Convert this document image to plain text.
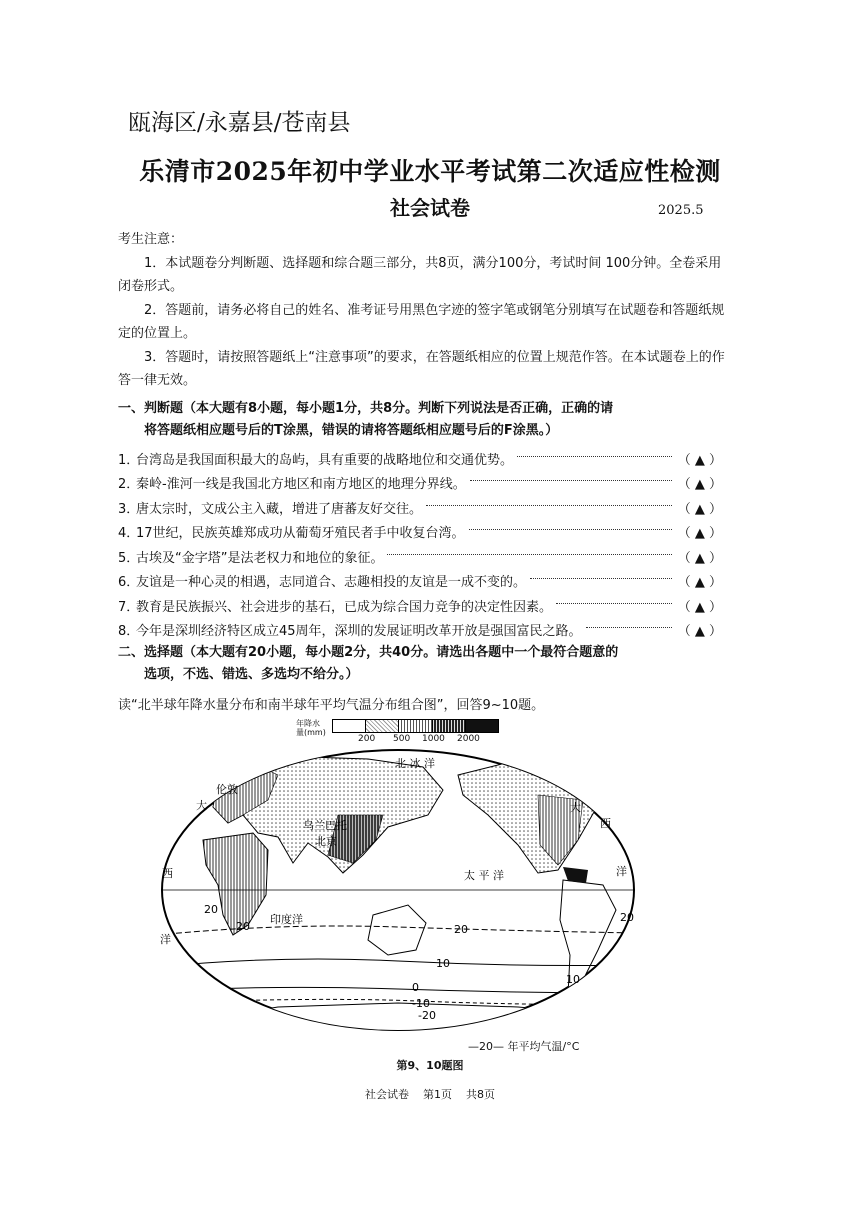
瓯海区/永嘉县/苍南县
乐清市2025年初中学业水平考试第二次适应性检测
社会试卷	2025.5

考生注意：

1．本试题卷分判断题、选择题和综合题三部分，共8页，满分100分，考试时间 100分钟。全卷采用闭卷形式。

2．答题前，请务必将自己的姓名、准考证号用黑色字迹的签字笔或钢笔分别填写在试题卷和答题纸规定的位置上。

3．答题时，请按照答题纸上“注意事项”的要求，在答题纸相应的位置上规范作答。在本试题卷上的作答一律无效。

一、判断题（本大题有8小题，每小题1分，共8分。判断下列说法是否正确，正确的请
将答题纸相应题号后的T涂黑，错误的请将答题纸相应题号后的F涂黑。）
1．
台湾岛是我国面积最大的岛屿，具有重要的战略地位和交通优势。	（ ▲ ）
2．
秦岭-淮河一线是我国北方地区和南方地区的地理分界线。	（ ▲ ）
3．
唐太宗时，文成公主入藏，增进了唐蕃友好交往。	（ ▲ ）
4．
17世纪，民族英雄郑成功从葡萄牙殖民者手中收复台湾。	（ ▲ ）
5．
古埃及“金字塔”是法老权力和地位的象征。	（ ▲ ）
6．
友谊是一种心灵的相遇，志同道合、志趣相投的友谊是一成不变的。	（ ▲ ）
7．
教育是民族振兴、社会进步的基石，已成为综合国力竞争的决定性因素。	（ ▲ ）
8．
今年是深圳经济特区成立45周年，深圳的发展证明改革开放是强国富民之路。	（ ▲ ）
二、选择题（本大题有20小题，每小题2分，共40分。请选出各题中一个最符合题意的
选项，不选、错选、多选均不给分。）
读“北半球年降水量分布和南半球年平均气温分布组合图”，回答9~10题。
年降水量(mm)
200 500 1000 2000
北 冰 洋
伦敦
乌兰巴托
北京
太 平 洋
印度洋
大
西
洋
大
西
洋
20
20	20
20
10
10
0
-10
-20
—20— 年平均气温/°C
第9、10题图
社会试卷    第1页    共8页
